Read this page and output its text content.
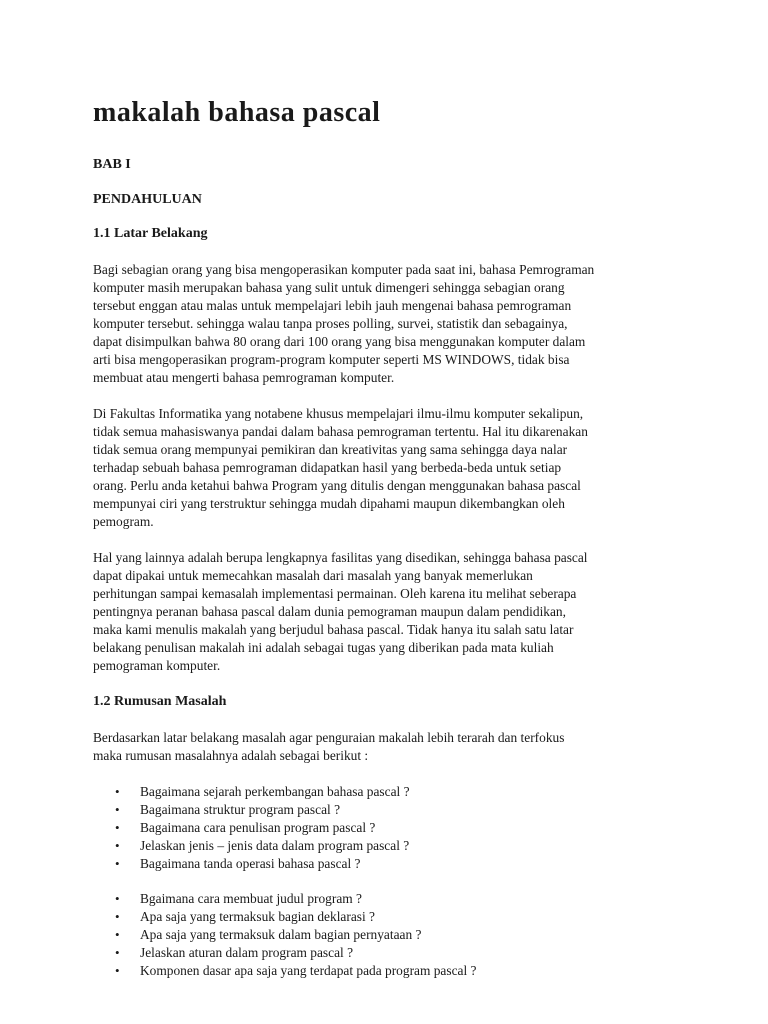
makalah bahasa pascal

BAB I

PENDAHULUAN

1.1 Latar Belakang

Bagi sebagian orang yang bisa mengoperasikan komputer pada saat ini, bahasa Pemrograman
komputer masih merupakan bahasa yang sulit untuk dimengeri sehingga sebagian orang
tersebut enggan atau malas untuk mempelajari lebih jauh mengenai bahasa pemrograman
komputer tersebut. sehingga walau tanpa proses polling, survei, statistik dan sebagainya,
dapat disimpulkan bahwa 80 orang dari 100 orang yang bisa menggunakan komputer dalam
arti bisa mengoperasikan program-program komputer seperti MS WINDOWS, tidak bisa
membuat atau mengerti bahasa pemrograman komputer.

Di Fakultas Informatika yang notabene khusus mempelajari ilmu-ilmu komputer sekalipun,
tidak semua mahasiswanya pandai dalam bahasa pemrograman tertentu. Hal itu dikarenakan
tidak semua orang mempunyai pemikiran dan kreativitas yang sama sehingga daya nalar
terhadap sebuah bahasa pemrograman didapatkan hasil yang berbeda-beda untuk setiap
orang. Perlu anda ketahui bahwa Program yang ditulis dengan menggunakan bahasa pascal
mempunyai ciri yang terstruktur sehingga mudah dipahami maupun dikembangkan oleh
pemogram.

Hal yang lainnya adalah berupa lengkapnya fasilitas yang disedikan, sehingga bahasa pascal
dapat dipakai untuk memecahkan masalah dari masalah yang banyak memerlukan
perhitungan sampai kemasalah implementasi permainan. Oleh karena itu melihat seberapa
pentingnya peranan bahasa pascal dalam dunia pemograman maupun dalam pendidikan,
maka kami menulis makalah yang berjudul bahasa pascal. Tidak hanya itu salah satu latar
belakang penulisan makalah ini adalah sebagai tugas yang diberikan pada mata kuliah
pemograman komputer.

1.2 Rumusan Masalah

Berdasarkan latar belakang masalah agar penguraian makalah lebih terarah dan terfokus
maka rumusan masalahnya adalah sebagai berikut :

• Bagaimana sejarah perkembangan bahasa pascal ?
• Bagaimana struktur program pascal ?
• Bagaimana cara penulisan program pascal ?
• Jelaskan jenis – jenis data dalam program pascal ?
• Bagaimana tanda operasi bahasa pascal ?
• Bgaimana cara membuat judul program ?
• Apa saja yang termaksuk bagian deklarasi ?
• Apa saja yang termaksuk dalam bagian pernyataan ?
• Jelaskan aturan dalam program pascal ?
• Komponen dasar apa saja yang terdapat pada program pascal ?
